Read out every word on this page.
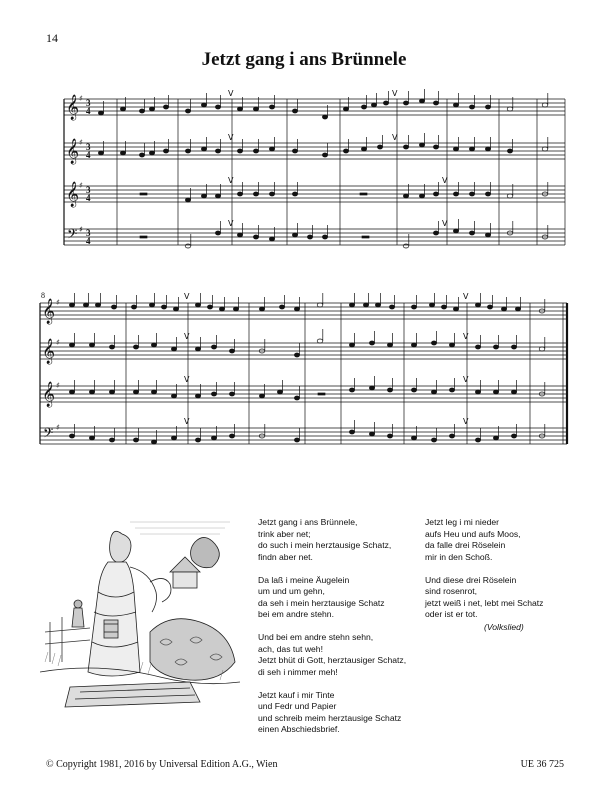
14
Jetzt gang i ans Brünnele
𝄞
𝄞
𝄞
𝄢
3
4
3
4
3
4
3
4
♯
♯
♯
♯
V	V
V	V
V	V
V	V
8
𝄞
𝄞
𝄞
𝄢
♯
♯
♯
♯
V	V
V	V
V	V
V	V
Jetzt gang i ans Brünnele,
trink aber net;
do such i mein herztausige Schatz,
findn aber net.
Da laß i meine Äugelein
um und um gehn,
da seh i mein herztausige Schatz
bei em andre stehn.
Und bei em andre stehn sehn,
ach, das tut weh!
Jetzt bhüt di Gott, herztausiger Schatz,
di seh i nimmer meh!
Jetzt kauf i mir Tinte
und Fedr und Papier
und schreib meim herztausige Schatz
einen Abschiedsbrief.
Jetzt leg i mi nieder
aufs Heu und aufs Moos,
da falle drei Röselein
mir in den Schoß.
Und diese drei Röselein
sind rosenrot,
jetzt weiß i net, lebt mei Schatz
oder ist er tot.
(Volkslied)
© Copyright 1981, 2016 by Universal Edition A.G., Wien	UE 36 725
